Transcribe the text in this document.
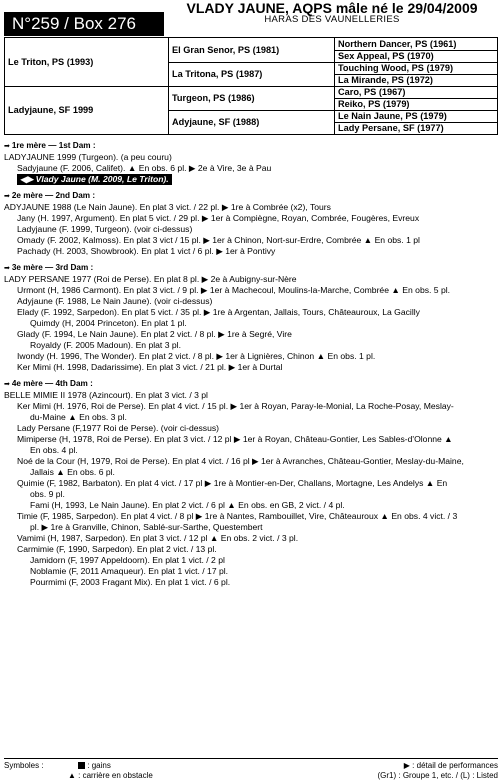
N°259 / Box 276
VLADY JAUNE, AQPS mâle né le 29/04/2009
HARAS DES VAUNELLERIES
Le Triton, PS (1993)	El Gran Senor, PS (1981)	Northern Dancer, PS (1961)
		Sex Appeal, PS (1970)
	La Tritona, PS (1987)	Touching Wood, PS (1979)
		La Mirande, PS (1972)
Ladyjaune, SF 1999	Turgeon, PS (1986)	Caro, PS (1967)
		Reiko, PS (1979)
	Adyjaune, SF (1988)	Le Nain Jaune, PS (1979)
		Lady Persane, SF (1977)
➡ 1re mère — 1st Dam :

LADYJAUNE 1999 (Turgeon). (a peu couru)
Sadyjaune (F. 2006, Califet). ▲ En obs. 6 pl. ▶ 2e à Vire, 3e à Pau
◀▶ Vlady Jaune (M. 2009, Le Triton).
➡ 2e mère — 2nd Dam :

ADYJAUNE 1988 (Le Nain Jaune). En plat 3 vict. / 22 pl. ▶ 1re à Combrée (x2), Tours
Jany (H. 1997, Argument). En plat 5 vict. / 29 pl. ▶ 1er à Compiègne, Royan, Combrée, Fougères, Evreux
Ladyjaune (F. 1999, Turgeon). (voir ci-dessus)
Omady (F. 2002, Kalmoss). En plat 3 vict / 15 pl. ▶ 1er à Chinon, Nort-sur-Erdre, Combrée ▲ En obs. 1 pl
Pachady (H. 2003, Showbrook). En plat 1 vict / 6 pl. ▶ 1er à Pontivy
➡ 3e mère — 3rd Dam :

LADY PERSANE 1977 (Roi de Perse). En plat 8 pl. ▶ 2e à Aubigny-sur-Nère
Urmont (H, 1986 Carmont). En plat 3 vict. / 9 pl. ▶ 1er à Machecoul, Moulins-la-Marche, Combrée ▲ En obs. 5 pl.
Adyjaune (F. 1988, Le Nain Jaune). (voir ci-dessus)
Elady (F. 1992, Sarpedon). En plat 5 vict. / 35 pl. ▶ 1re à Argentan, Jallais, Tours, Châteauroux, La Gacilly
Quimdy (H, 2004 Princeton). En plat 1 pl.
Glady (F. 1994, Le Nain Jaune). En plat 2 vict. / 8 pl. ▶ 1re à Segré, Vire
Royaldy (F. 2005 Madoun). En plat 3 pl.
Iwondy (H. 1996, The Wonder). En plat 2 vict. / 8 pl. ▶ 1er à Lignières, Chinon ▲ En obs. 1 pl.
Ker Mimi (H. 1998, Dadarissime). En plat 3 vict. / 21 pl. ▶ 1er à Durtal
➡ 4e mère — 4th Dam :

BELLE MIMIE II 1978 (Azincourt). En plat 3 vict. / 3 pl
Ker Mimi (H. 1976, Roi de Perse). En plat 4 vict. / 15 pl. ▶ 1er à Royan, Paray-le-Monial, La Roche-Posay, Meslay-
du-Maine ▲ En obs. 3 pl.
Lady Persane (F,1977 Roi de Perse). (voir ci-dessus)
Mimiperse (H, 1978, Roi de Perse). En plat 3 vict. / 12 pl ▶ 1er à Royan, Château-Gontier, Les Sables-d'Olonne ▲
En obs. 4 pl.
Noé de la Cour (H, 1979, Roi de Perse). En plat 4 vict. / 16 pl ▶ 1er à Avranches, Château-Gontier, Meslay-du-Maine,
Jallais ▲ En obs. 6 pl.
Quimie (F, 1982, Barbaton). En plat 4 vict. / 17 pl ▶ 1re à Montier-en-Der, Challans, Mortagne, Les Andelys ▲ En
obs. 9 pl.
Fami (H, 1993, Le Nain Jaune). En plat 2 vict. / 6 pl ▲ En obs. en GB, 2 vict. / 4 pl.
Timie (F, 1985, Sarpedon). En plat 4 vict. / 8 pl ▶ 1re à Nantes, Rambouillet, Vire, Châteauroux ▲ En obs. 4 vict. / 3
pl. ▶ 1re à Granville, Chinon, Sablé-sur-Sarthe, Questembert
Vamimi (H, 1987, Sarpedon). En plat 3 vict. / 12 pl ▲ En obs. 2 vict. / 3 pl.
Carmimie (F, 1990, Sarpedon). En plat 2 vict. / 13 pl.
Jamidorn (F, 1997 Appeldoorn). En plat 1 vict. / 2 pl
Noblamie (F, 2011 Amaqueur). En plat 1 vict. / 17 pl.
Pourmimi (F, 2003 Fragant Mix). En plat 1 vict. / 6 pl.
Symboles :	: gains
▲ : carrière en obstacle
▶ : détail de performances
(Gr1) : Groupe 1, etc. / (L) : Listed
